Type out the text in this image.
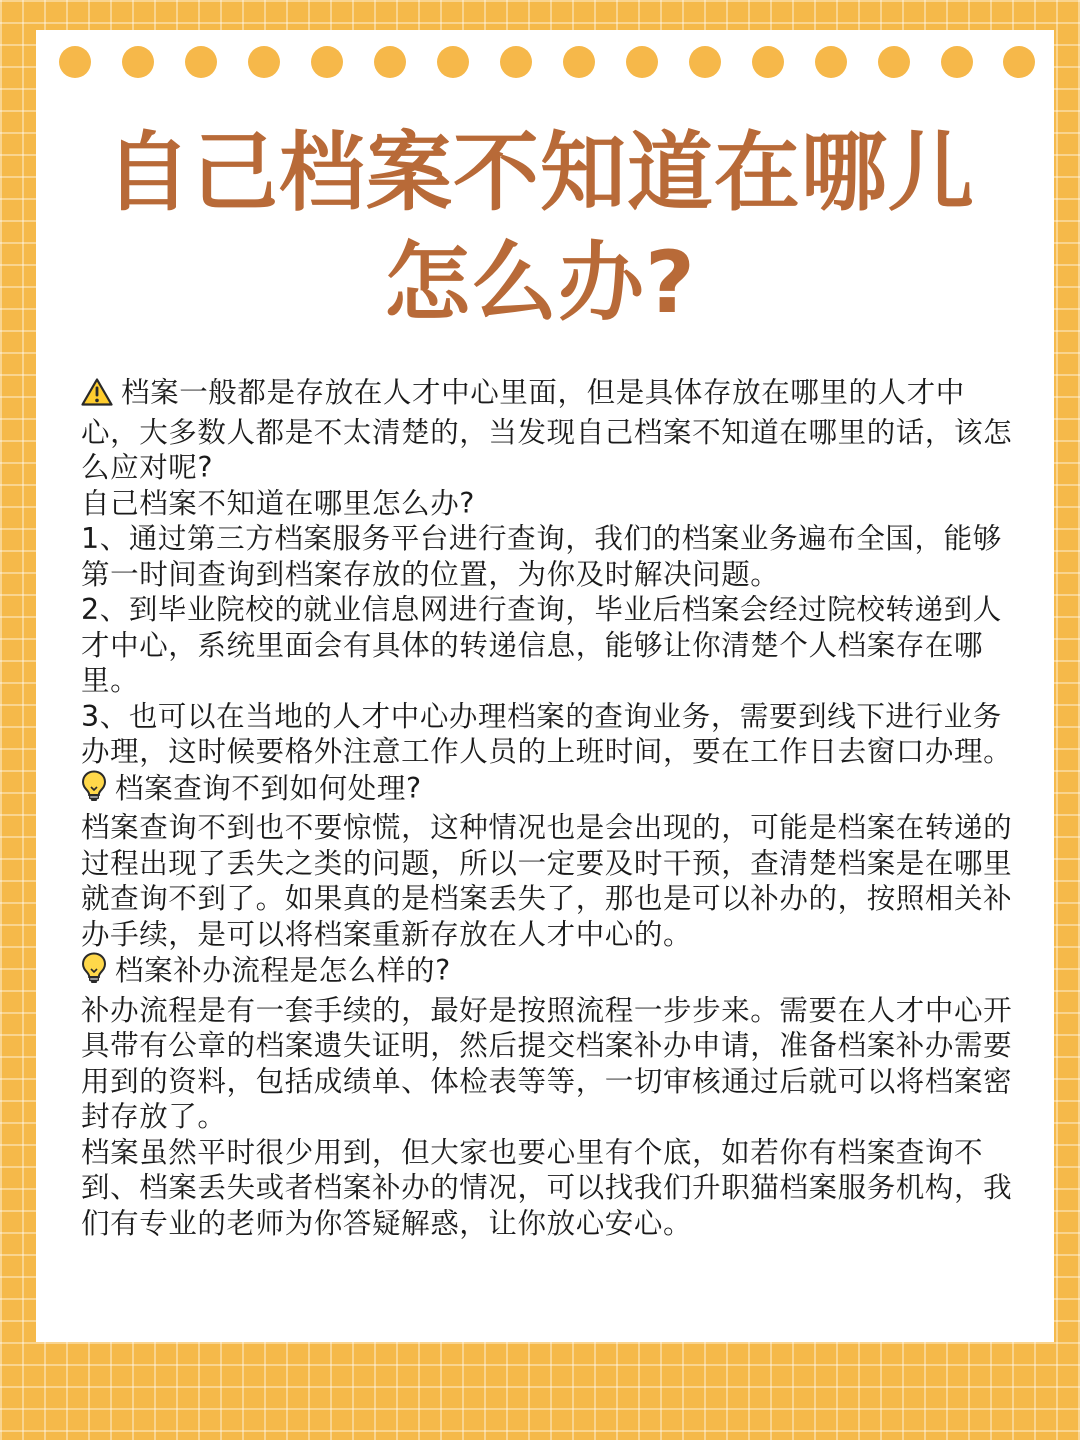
自己档案不知道在哪儿
怎么办?

档案一般都是存放在人才中心里面，但是具体存放在哪里的人才中心，大多数人都是不太清楚的，当发现自己档案不知道在哪里的话，该怎么应对呢?

自己档案不知道在哪里怎么办?

1、通过第三方档案服务平台进行查询，我们的档案业务遍布全国，能够第一时间查询到档案存放的位置，为你及时解决问题。

2、到毕业院校的就业信息网进行查询，毕业后档案会经过院校转递到人才中心，系统里面会有具体的转递信息，能够让你清楚个人档案存在哪里。

3、也可以在当地的人才中心办理档案的查询业务，需要到线下进行业务办理，这时候要格外注意工作人员的上班时间，要在工作日去窗口办理。

档案查询不到如何处理?

档案查询不到也不要惊慌，这种情况也是会出现的，可能是档案在转递的过程出现了丢失之类的问题，所以一定要及时干预，查清楚档案是在哪里就查询不到了。如果真的是档案丢失了，那也是可以补办的，按照相关补办手续，是可以将档案重新存放在人才中心的。

档案补办流程是怎么样的?

补办流程是有一套手续的，最好是按照流程一步步来。需要在人才中心开具带有公章的档案遗失证明，然后提交档案补办申请，准备档案补办需要用到的资料，包括成绩单、体检表等等，一切审核通过后就可以将档案密封存放了。

档案虽然平时很少用到，但大家也要心里有个底，如若你有档案查询不到、档案丢失或者档案补办的情况，可以找我们升职猫档案服务机构，我们有专业的老师为你答疑解惑，让你放心安心。
